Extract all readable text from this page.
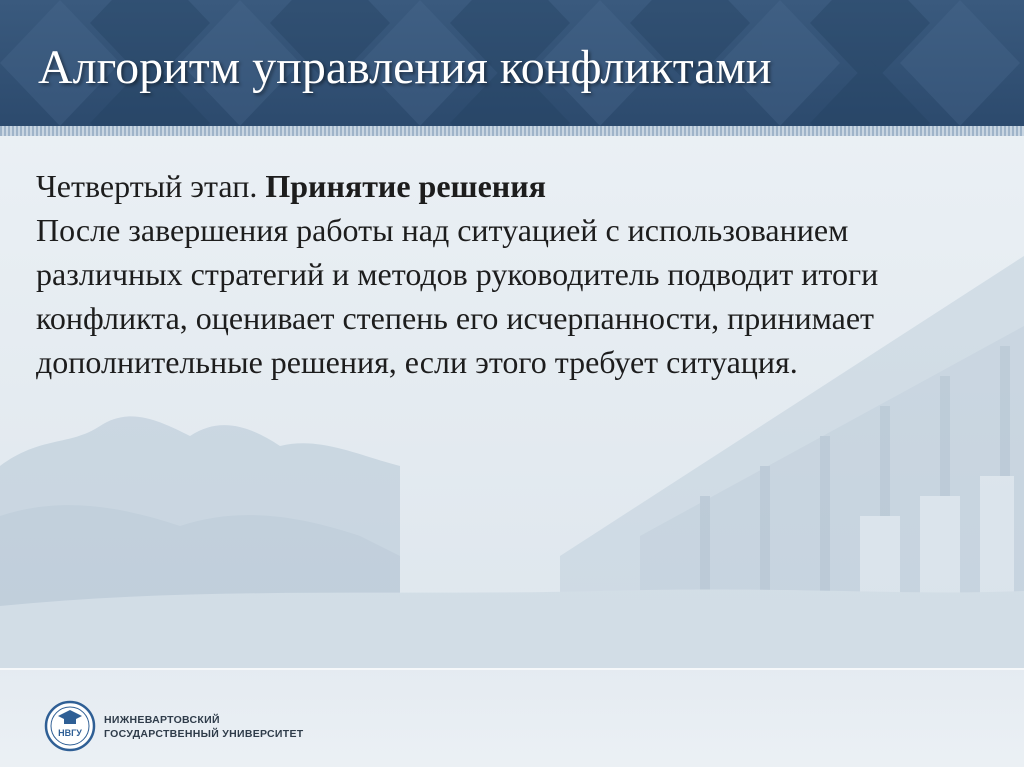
Алгоритм управления конфликтами

Четвертый этап. Принятие решения

После завершения работы над ситуацией с использованием различных стратегий и методов руководитель подводит итоги конфликта, оценивает степень его исчерпанности, принимает дополнительные решения, если этого требует ситуация.

НВГУ
НИЖНЕВАРТОВСКИЙ
ГОСУДАРСТВЕННЫЙ УНИВЕРСИТЕТ
